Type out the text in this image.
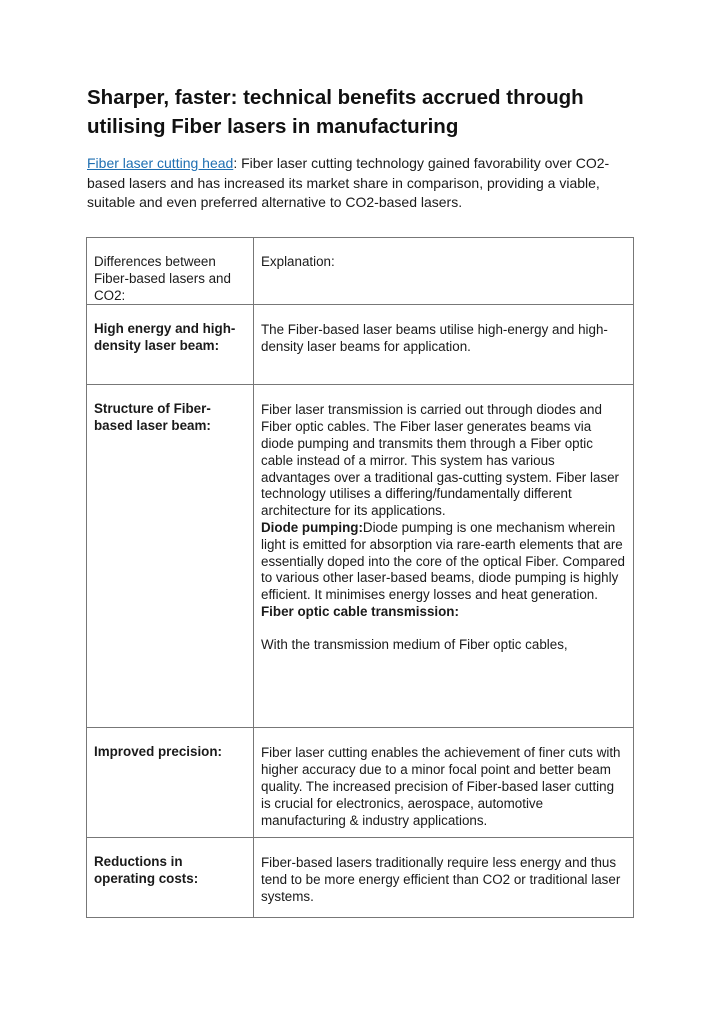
Sharper, faster: technical benefits accrued through utilising Fiber lasers in manufacturing

Fiber laser cutting head: Fiber laser cutting technology gained favorability over CO2-based lasers and has increased its market share in comparison, providing a viable, suitable and even preferred alternative to CO2-based lasers.

Differences between Fiber-based lasers and CO2:	Explanation:
High energy and high-density laser beam:	The Fiber-based laser beams utilise high-energy and high-density laser beams for application.
Structure of Fiber-based laser beam:	Fiber laser transmission is carried out through diodes and Fiber optic cables. The Fiber laser generates beams via diode pumping and transmits them through a Fiber optic cable instead of a mirror. This system has various advantages over a traditional gas-cutting system. Fiber laser technology utilises a differing/fundamentally different architecture for its applications.

Diode pumping:Diode pumping is one mechanism wherein light is emitted for absorption via rare-earth elements that are essentially doped into the core of the optical Fiber. Compared to various other laser-based beams, diode pumping is highly efficient. It minimises energy losses and heat generation.

Fiber optic cable transmission:

With the transmission medium of Fiber optic cables,

Improved precision:	Fiber laser cutting enables the achievement of finer cuts with higher accuracy due to a minor focal point and better beam quality. The increased precision of Fiber-based laser cutting is crucial for electronics, aerospace, automotive manufacturing & industry applications.
Reductions in operating costs:	Fiber-based lasers traditionally require less energy and thus tend to be more energy efficient than CO2 or traditional laser systems.
